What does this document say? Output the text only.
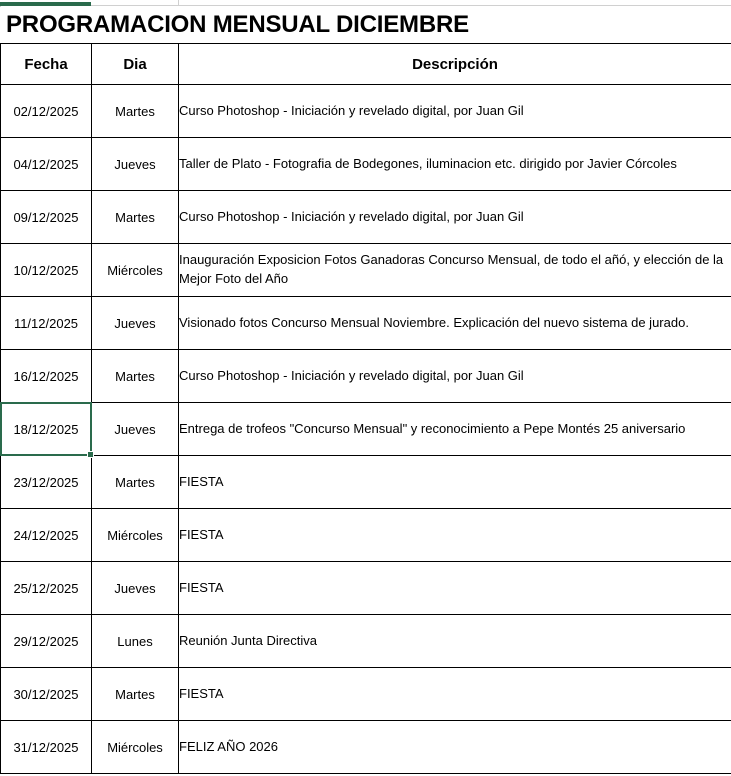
PROGRAMACION MENSUAL DICIEMBRE
Fecha	Dia	Descripción
02/12/2025	Martes	Curso Photoshop - Iniciación y revelado digital, por Juan Gil
04/12/2025	Jueves	Taller de Plato - Fotografia de Bodegones, iluminacion etc. dirigido por Javier Córcoles
09/12/2025	Martes	Curso Photoshop - Iniciación y revelado digital, por Juan Gil
10/12/2025	Miércoles	Inauguración Exposicion Fotos Ganadoras Concurso Mensual, de todo el añó, y elección de la Mejor Foto del Año
11/12/2025	Jueves	Visionado fotos Concurso Mensual Noviembre. Explicación del nuevo sistema de jurado.
16/12/2025	Martes	Curso Photoshop - Iniciación y revelado digital, por Juan Gil
18/12/2025	Jueves	Entrega de trofeos "Concurso Mensual" y reconocimiento a Pepe Montés 25 aniversario
23/12/2025	Martes	FIESTA
24/12/2025	Miércoles	FIESTA
25/12/2025	Jueves	FIESTA
29/12/2025	Lunes	Reunión Junta Directiva
30/12/2025	Martes	FIESTA
31/12/2025	Miércoles	FELIZ AÑO 2026
